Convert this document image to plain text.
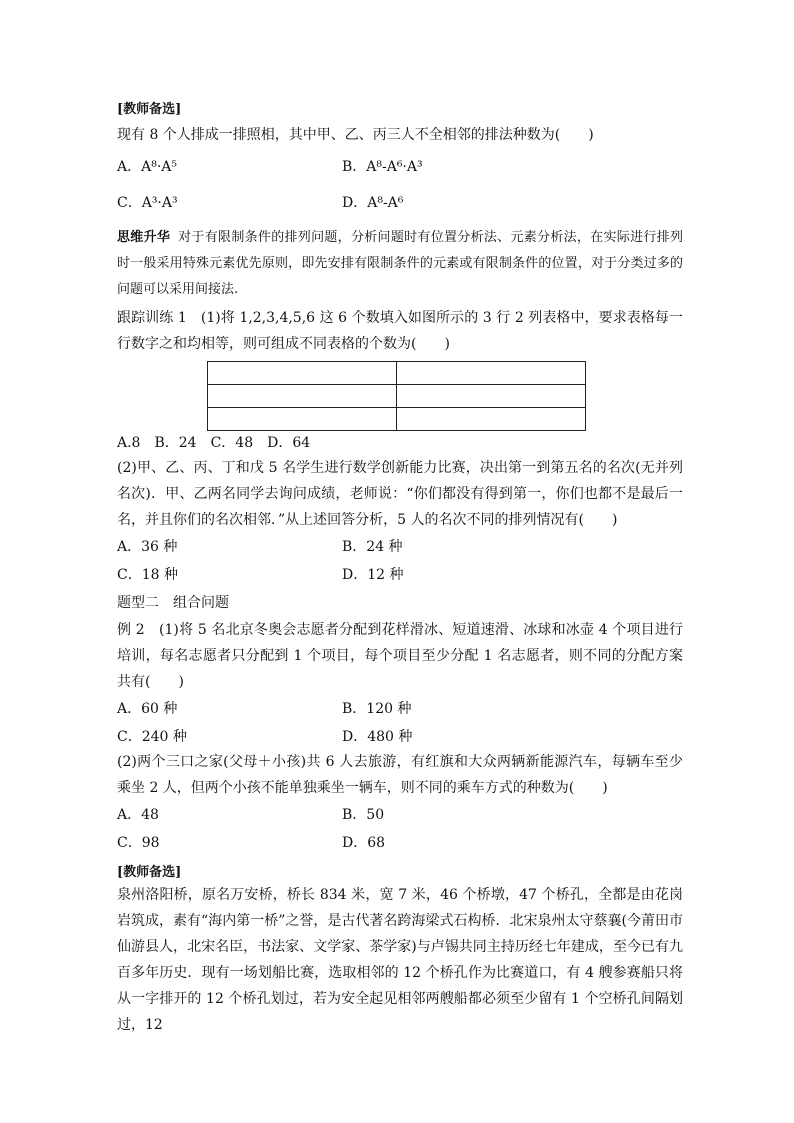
[教师备选]
现有 8 个人排成一排照相，其中甲、乙、丙三人不全相邻的排法种数为(　　)
A．A⁸·A⁵	B．A⁸-A⁶·A³
C．A³·A³	D．A⁸-A⁶
思维升华 对于有限制条件的排列问题，分析问题时有位置分析法、元素分析法，在实际进行排列时一般采用特殊元素优先原则，即先安排有限制条件的元素或有限制条件的位置，对于分类过多的问题可以采用间接法.
跟踪训练 1　(1)将 1,2,3,4,5,6 这 6 个数填入如图所示的 3 行 2 列表格中，要求表格每一行数字之和均相等，则可组成不同表格的个数为(　　)

A.8　B．24　C．48　D．64
(2)甲、乙、丙、丁和戊 5 名学生进行数学创新能力比赛，决出第一到第五名的名次(无并列名次)．甲、乙两名同学去询问成绩，老师说：“你们都没有得到第一，你们也都不是最后一名，并且你们的名次相邻．”从上述回答分析，5 人的名次不同的排列情况有(　　)
A．36 种	B．24 种
C．18 种	D．12 种
题型二　组合问题
例 2　(1)将 5 名北京冬奥会志愿者分配到花样滑冰、短道速滑、冰球和冰壶 4 个项目进行培训，每名志愿者只分配到 1 个项目，每个项目至少分配 1 名志愿者，则不同的分配方案共有(　　)
A．60 种	B．120 种
C．240 种	D．480 种
(2)两个三口之家(父母＋小孩)共 6 人去旅游，有红旗和大众两辆新能源汽车，每辆车至少乘坐 2 人，但两个小孩不能单独乘坐一辆车，则不同的乘车方式的种数为(　　)
A．48	B．50
C．98	D．68
[教师备选]
泉州洛阳桥，原名万安桥，桥长 834 米，宽 7 米，46 个桥墩，47 个桥孔，全都是由花岗岩筑成，素有“海内第一桥”之誉，是古代著名跨海梁式石构桥．北宋泉州太守蔡襄(今莆田市仙游县人，北宋名臣，书法家、文学家、茶学家)与卢锡共同主持历经七年建成，至今已有九百多年历史．现有一场划船比赛，选取相邻的 12 个桥孔作为比赛道口，有 4 艘参赛船只将从一字排开的 12 个桥孔划过，若为安全起见相邻两艘船都必须至少留有 1 个空桥孔间隔划过，12
